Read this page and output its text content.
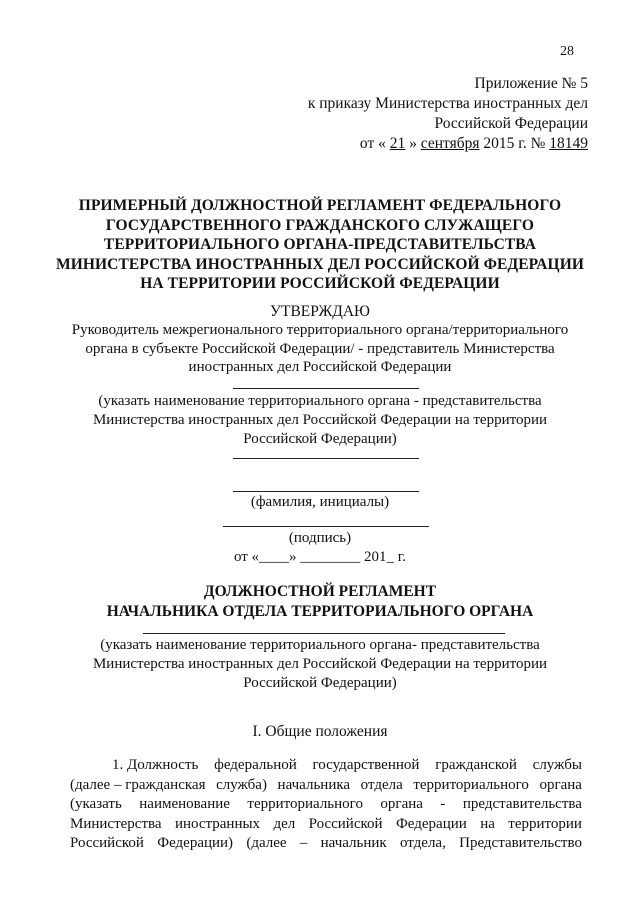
28
Приложение № 5
к приказу Министерства иностранных дел
Российской Федерации
от « 21 » сентября 2015 г. № 18149
ПРИМЕРНЫЙ ДОЛЖНОСТНОЙ РЕГЛАМЕНТ ФЕДЕРАЛЬНОГО
ГОСУДАРСТВЕННОГО ГРАЖДАНСКОГО СЛУЖАЩЕГО
ТЕРРИТОРИАЛЬНОГО ОРГАНА-ПРЕДСТАВИТЕЛЬСТВА
МИНИСТЕРСТВА ИНОСТРАННЫХ ДЕЛ РОССИЙСКОЙ ФЕДЕРАЦИИ
НА ТЕРРИТОРИИ РОССИЙСКОЙ ФЕДЕРАЦИИ
УТВЕРЖДАЮ
Руководитель межрегионального территориального органа/территориального
органа в субъекте Российской Федерации/ - представитель Министерства
иностранных дел Российской Федерации
(указать наименование территориального органа - представительства
Министерства иностранных дел Российской Федерации на территории
Российской Федерации)
(фамилия, инициалы)
(подпись)
от «____» ________ 201_ г.
ДОЛЖНОСТНОЙ РЕГЛАМЕНТ
НАЧАЛЬНИКА ОТДЕЛА ТЕРРИТОРИАЛЬНОГО ОРГАНА
(указать наименование территориального органа- представительства
Министерства иностранных дел Российской Федерации на территории
Российской Федерации)
I. Общие положения
1. Должность федеральной государственной гражданской службы
(далее – гражданская служба) начальника отдела территориального органа
(указать наименование территориального органа - представительства
Министерства иностранных дел Российской Федерации на территории
Российской Федерации) (далее – начальник отдела, Представительство
